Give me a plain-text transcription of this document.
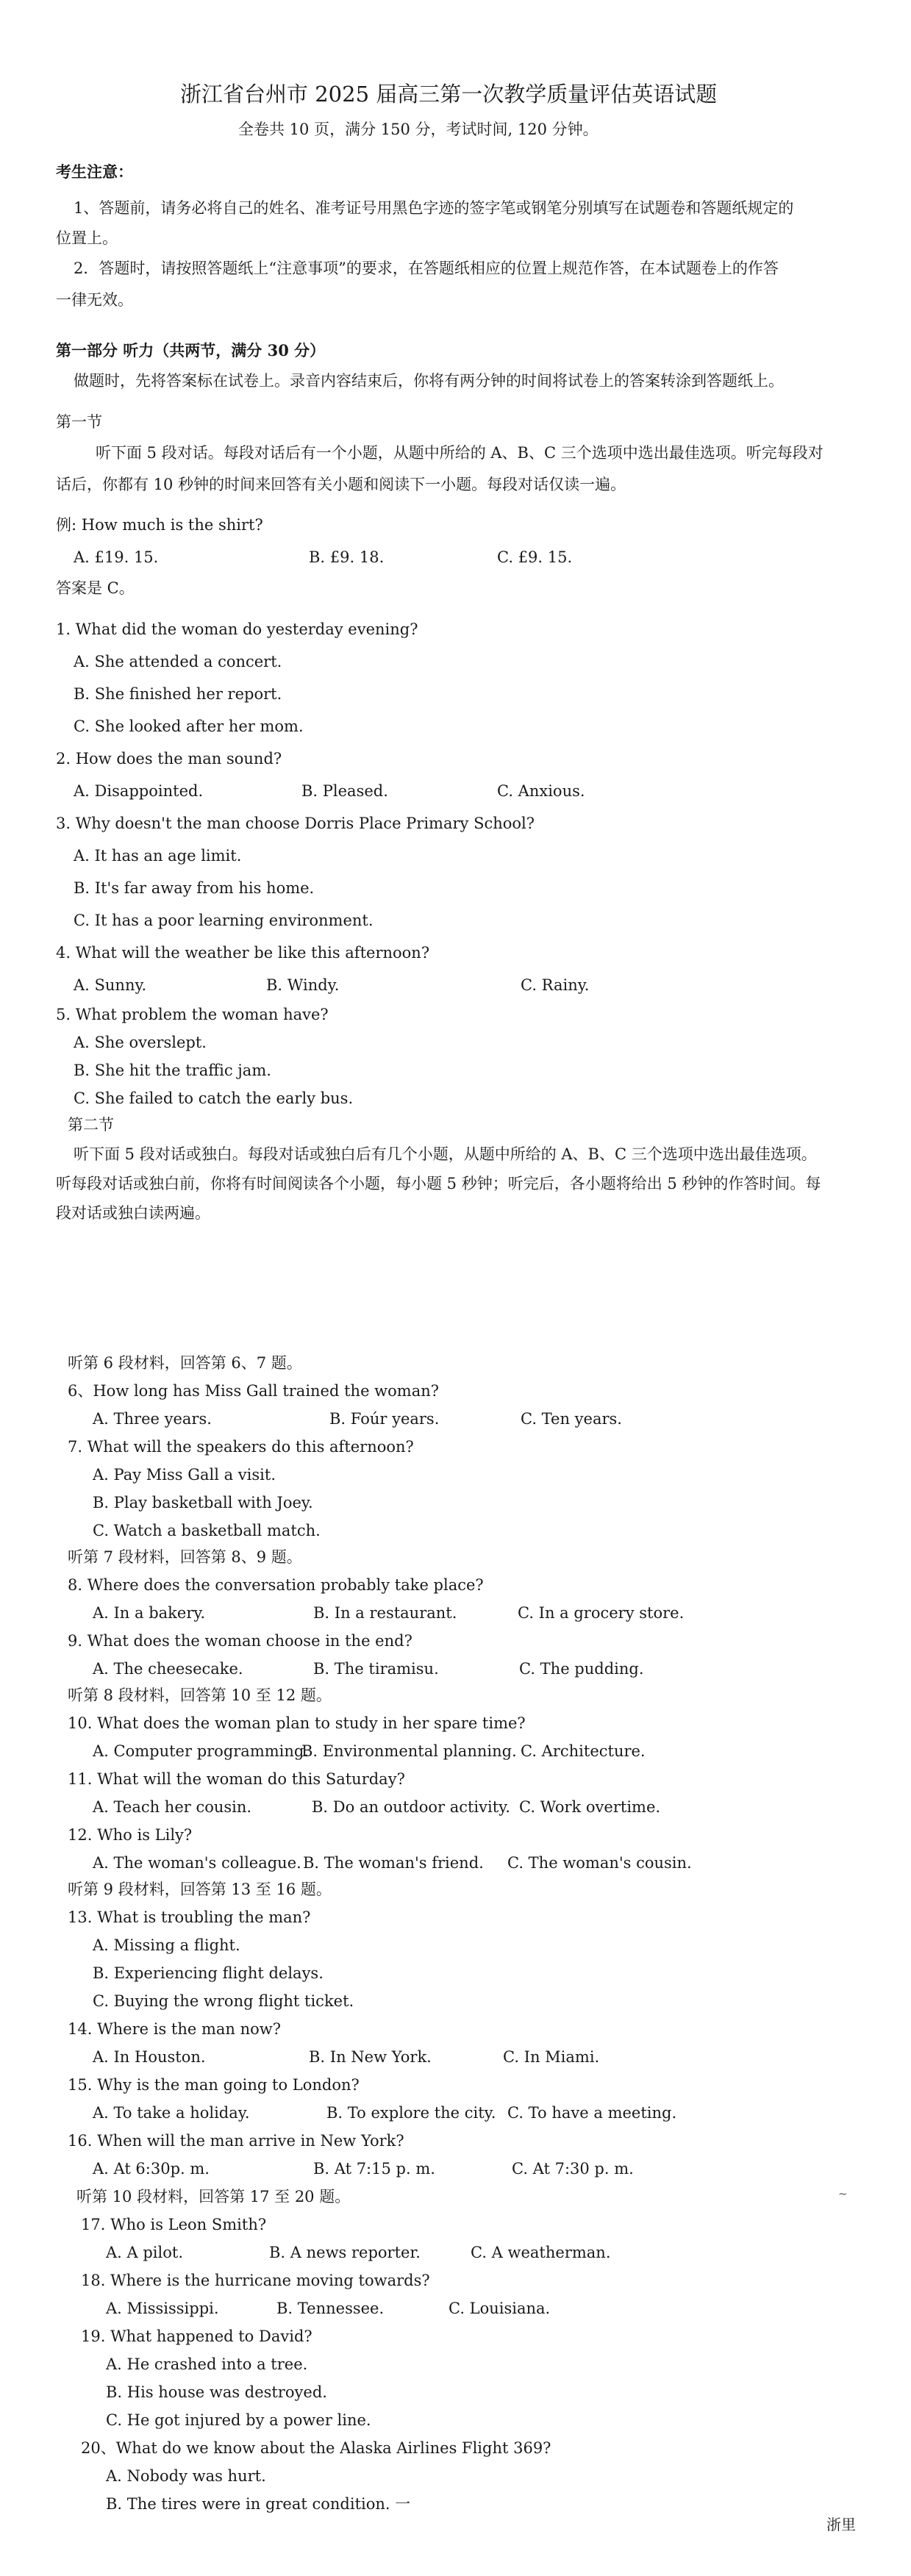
浙江省台州市 2025 届高三第一次教学质量评估英语试题
全卷共 10 页，满分 150 分，考试时间, 120 分钟。
考生注意：
1、答题前，请务必将自己的姓名、准考证号用黑色字迹的签字笔或钢笔分别填写在试题卷和答题纸规定的
位置上。
2．答题时，请按照答题纸上“注意事项”的要求，在答题纸相应的位置上规范作答，在本试题卷上的作答
一律无效。
第一部分 听力（共两节，满分 30 分）
做题时，先将答案标在试卷上。录音内容结束后，你将有两分钟的时间将试卷上的答案转涂到答题纸上。
第一节
听下面 5 段对话。每段对话后有一个小题，从题中所给的 A、B、C 三个选项中选出最佳选项。听完每段对
话后，你都有 10 秒钟的时间来回答有关小题和阅读下一小题。每段对话仅读一遍。
例: How much is the shirt?
A. £19. 15.	B. £9. 18.	C. £9. 15.
答案是 C。
1. What did the woman do yesterday evening?
A. She attended a concert.
B. She finished her report.
C. She looked after her mom.
2. How does the man sound?
A. Disappointed.	B. Pleased.	C. Anxious.
3. Why doesn't the man choose Dorris Place Primary School?
A. It has an age limit.
B. It's far away from his home.
C. It has a poor learning environment.
4. What will the weather be like this afternoon?
A. Sunny.	B. Windy.	C. Rainy.
5. What problem the woman have?
A. She overslept.
B. She hit the traffic jam.
C. She failed to catch the early bus.
第二节
听下面 5 段对话或独白。每段对话或独白后有几个小题，从题中所给的 A、B、C 三个选项中选出最佳选项。
听每段对话或独白前，你将有时间阅读各个小题，每小题 5 秒钟；听完后，各小题将给出 5 秒钟的作答时间。每
段对话或独白读两遍。
听第 6 段材料，回答第 6、7 题。
6、How long has Miss Gall trained the woman?
A. Three years.	B. Foúr years.	C. Ten years.
7. What will the speakers do this afternoon?
A. Pay Miss Gall a visit.
B. Play basketball with Joey.
C. Watch a basketball match.
听第 7 段材料，回答第 8、9 题。
8. Where does the conversation probably take place?
A. In a bakery.	B. In a restaurant.	C. In a grocery store.
9. What does the woman choose in the end?
A. The cheesecake.	B. The tiramisu.	C. The pudding.
听第 8 段材料，回答第 10 至 12 题。
10. What does the woman plan to study in her spare time?
A. Computer programming.
B. Environmental planning. C. Architecture.
11. What will the woman do this Saturday?
A. Teach her cousin.	B. Do an outdoor activity. C. Work overtime.
12. Who is Lily?
A. The woman's colleague. B. The woman's friend. C. The woman's cousin.
听第 9 段材料，回答第 13 至 16 题。
13. What is troubling the man?
A. Missing a flight.
B. Experiencing flight delays.
C. Buying the wrong flight ticket.
14. Where is the man now?
A. In Houston.	B. In New York.	C. In Miami.
15. Why is the man going to London?
A. To take a holiday.	B. To explore the city. C. To have a meeting.
16. When will the man arrive in New York?
A. At 6:30p. m.	B. At 7:15 p. m.	C. At 7:30 p. m.
听第 10 段材料，回答第 17 至 20 题。	~
17. Who is Leon Smith?
A. A pilot.	B. A news reporter.	C. A weatherman.
18. Where is the hurricane moving towards?
A. Mississippi.	B. Tennessee.	C. Louisiana.
19. What happened to David?
A. He crashed into a tree.
B. His house was destroyed.
C. He got injured by a power line.
20、What do we know about the Alaska Airlines Flight 369?
A. Nobody was hurt.
B. The tires were in great condition. 一
浙里
